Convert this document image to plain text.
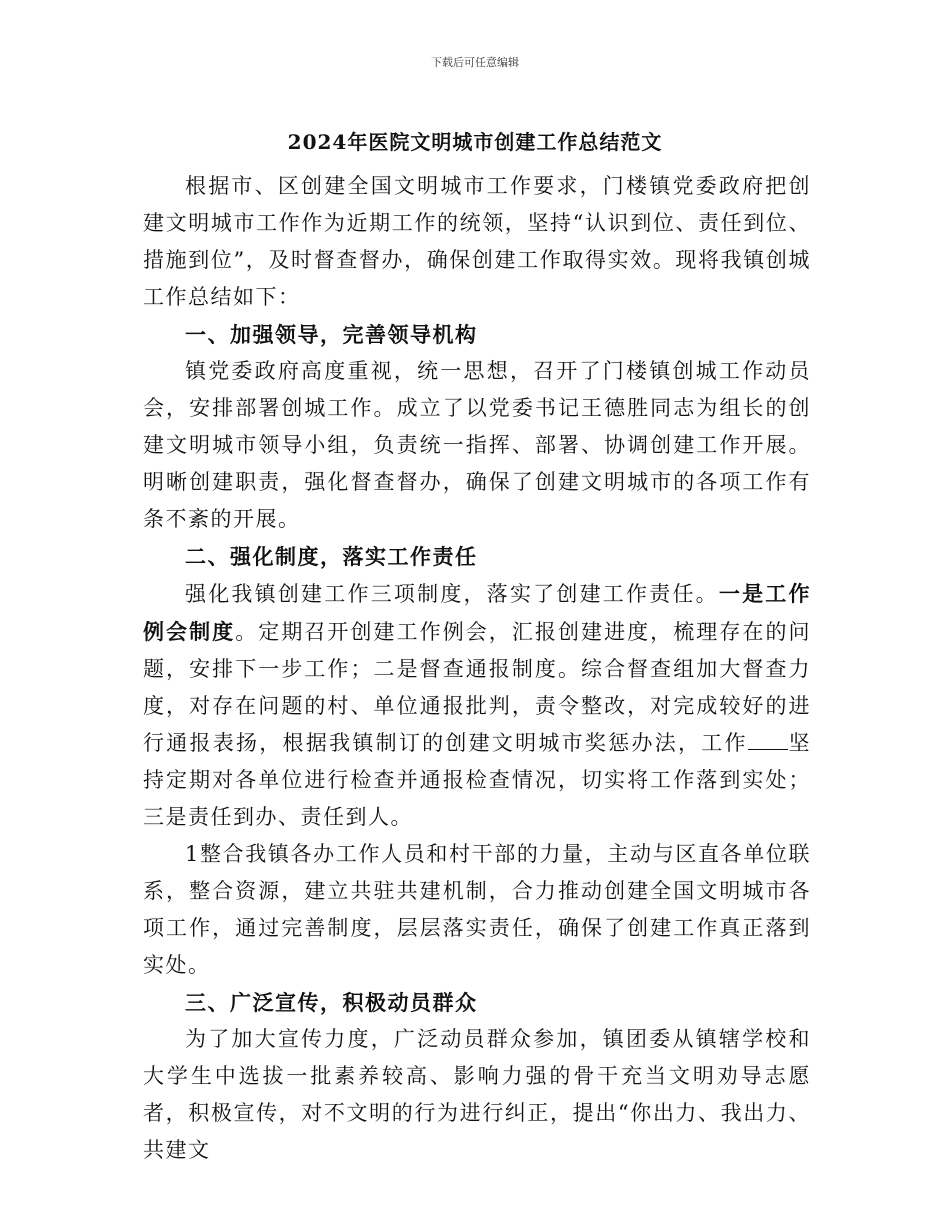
下载后可任意编辑
2024年医院文明城市创建工作总结范文

根据市、区创建全国文明城市工作要求，门楼镇党委政府把创建文明城市工作作为近期工作的统领，坚持“认识到位、责任到位、措施到位”，及时督查督办，确保创建工作取得实效。现将我镇创城工作总结如下：

一、加强领导，完善领导机构

镇党委政府高度重视，统一思想，召开了门楼镇创城工作动员会，安排部署创城工作。成立了以党委书记王德胜同志为组长的创建文明城市领导小组，负责统一指挥、部署、协调创建工作开展。明晰创建职责，强化督查督办，确保了创建文明城市的各项工作有条不紊的开展。

二、强化制度，落实工作责任

强化我镇创建工作三项制度，落实了创建工作责任。一是工作例会制度。定期召开创建工作例会，汇报创建进度，梳理存在的问题，安排下一步工作；二是督查通报制度。综合督查组加大督查力度，对存在问题的村、单位通报批判，责令整改，对完成较好的进行通报表扬，根据我镇制订的创建文明城市奖惩办法，工作 坚持定期对各单位进行检查并通报检查情况，切实将工作落到实处；三是责任到办、责任到人。

1整合我镇各办工作人员和村干部的力量，主动与区直各单位联系，整合资源，建立共驻共建机制，合力推动创建全国文明城市各项工作，通过完善制度，层层落实责任，确保了创建工作真正落到实处。

三、广泛宣传，积极动员群众

为了加大宣传力度，广泛动员群众参加，镇团委从镇辖学校和大学生中选拔一批素养较高、影响力强的骨干充当文明劝导志愿者，积极宣传，对不文明的行为进行纠正，提出“你出力、我出力、共建文
